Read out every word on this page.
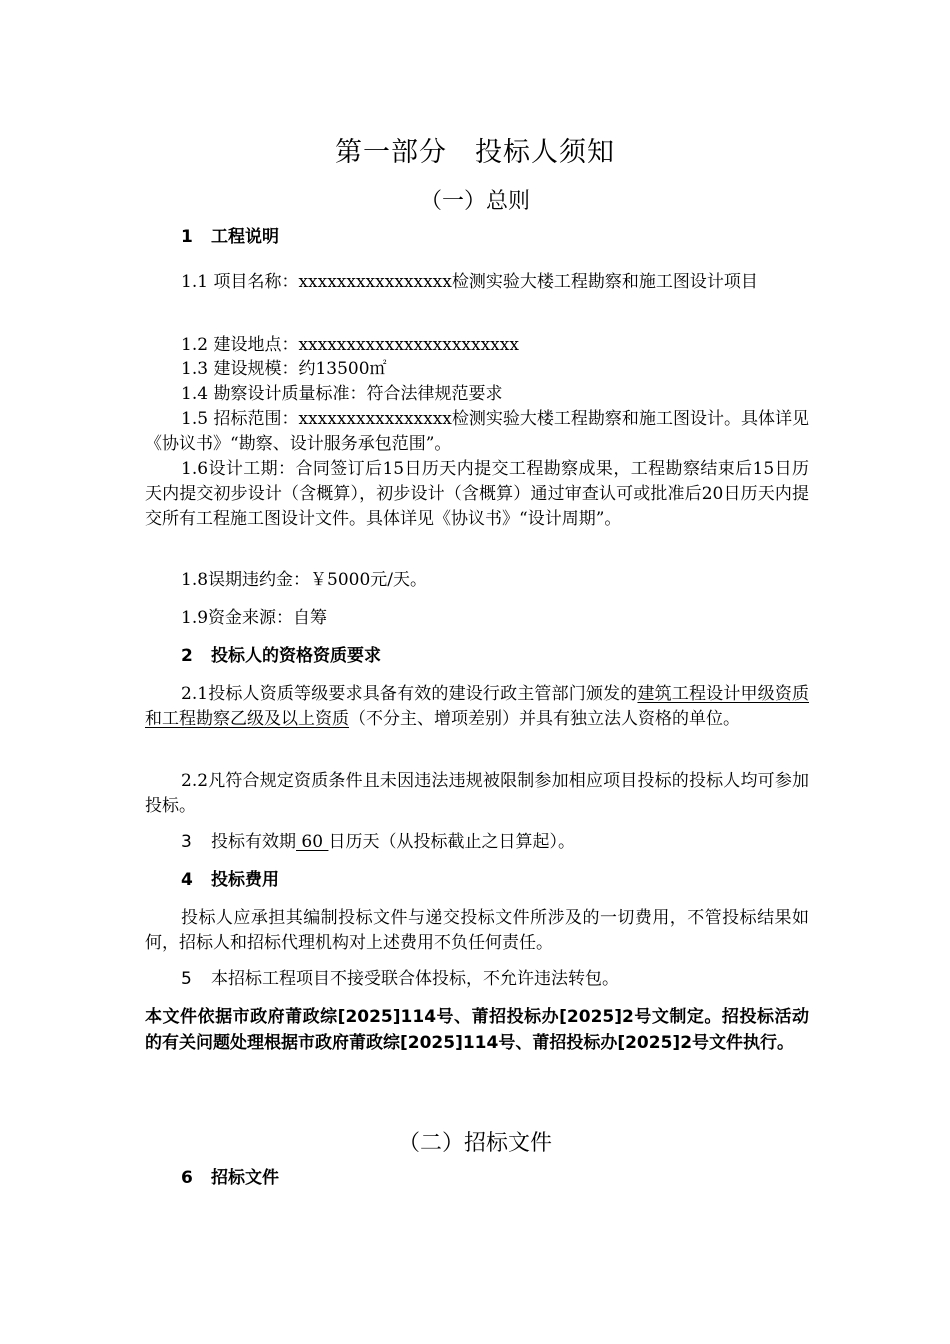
第一部分　投标人须知
（一）总则
1 工程说明
1.1 项目名称：xxxxxxxxxxxxxxxx检测实验大楼工程勘察和施工图设计项目
1.2 建设地点：xxxxxxxxxxxxxxxxxxxxxxx
1.3 建设规模：约13500㎡
1.4 勘察设计质量标准：符合法律规范要求
1.5 招标范围：xxxxxxxxxxxxxxxx检测实验大楼工程勘察和施工图设计。具体详见《协议书》“勘察、设计服务承包范围”。
1.6设计工期：合同签订后15日历天内提交工程勘察成果，工程勘察结束后15日历天内提交初步设计（含概算），初步设计（含概算）通过审查认可或批准后20日历天内提交所有工程施工图设计文件。具体详见《协议书》“设计周期”。
1.8误期违约金：￥5000元/天。
1.9资金来源：自筹
2 投标人的资格资质要求
2.1投标人资质等级要求具备有效的建设行政主管部门颁发的建筑工程设计甲级资质和工程勘察乙级及以上资质（不分主、增项差别）并具有独立法人资格的单位。
2.2凡符合规定资质条件且未因违法违规被限制参加相应项目投标的投标人均可参加投标。
3 投标有效期 60 日历天（从投标截止之日算起）。
4 投标费用
投标人应承担其编制投标文件与递交投标文件所涉及的一切费用，不管投标结果如何，招标人和招标代理机构对上述费用不负任何责任。
5 本招标工程项目不接受联合体投标，不允许违法转包。
本文件依据市政府莆政综[2025]114号、莆招投标办[2025]2号文制定。招投标活动的有关问题处理根据市政府莆政综[2025]114号、莆招投标办[2025]2号文件执行。
（二）招标文件
6 招标文件
